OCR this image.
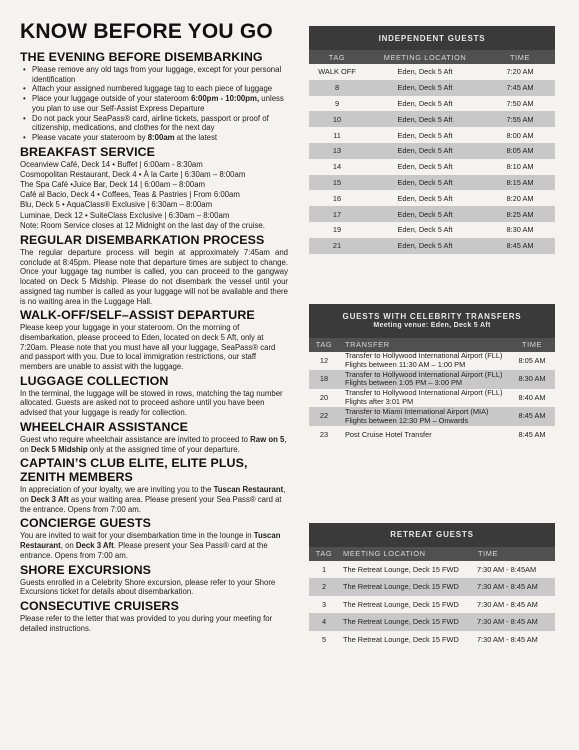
KNOW BEFORE YOU GO
THE EVENING BEFORE DISEMBARKING
• Please remove any old tags from your luggage, except for your personal identification
• Attach your assigned numbered luggage tag to each piece of luggage
• Place your luggage outside of your stateroom 6:00pm - 10:00pm, unless you plan to use our Self-Assist Express Departure
• Do not pack your SeaPass® card, airline tickets, passport or proof of citizenship, medications, and clothes for the next day
• Please vacate your stateroom by 8:00am at the latest
BREAKFAST SERVICE
Oceanview Café, Deck 14 • Buffet | 6:00am - 8:30am
Cosmopolitan Restaurant, Deck 4 • À la Carte | 6:30am – 8:00am
The Spa Café •Juice Bar, Deck 14 | 6:00am – 8:00am
Café al Bacio, Deck 4 • Coffees, Teas & Pastries | From 6:00am
Blu, Deck 5 • AquaClass® Exclusive | 6:30am – 8:00am
Luminae, Deck 12 • SuiteClass Exclusive | 6:30am – 8:00am
Note: Room Service closes at 12 Midnight on the last day of the cruise.
REGULAR DISEMBARKATION PROCESS

The regular departure process will begin at approximately 7:45am and conclude at 8:45pm. Please note that departure times are subject to change. Once your luggage tag number is called, you can proceed to the gangway located on Deck 5 Midship. Please do not disembark the vessel until your assigned tag number is called as your luggage will not be available and there is no waiting area in the Luggage Hall.

WALK-OFF/SELF–ASSIST DEPARTURE

Please keep your luggage in your stateroom. On the morning of disembarkation, please proceed to Eden, located on deck 5 Aft, only at 7:20am. Please note that you must have all your luggage, SeaPass® card and passport with you. Due to local immigration restrictions, our staff members are unable to assist with the luggage.

LUGGAGE COLLECTION

In the terminal, the luggage will be stowed in rows, matching the tag number allocated. Guests are asked not to proceed ashore until you have been advised that your luggage is ready for collection.

WHEELCHAIR ASSISTANCE

Guest who require wheelchair assistance are invited to proceed to Raw on 5, on Deck 5 Midship only at the assigned time of your departure.

CAPTAIN’S CLUB ELITE, ELITE PLUS,
ZENITH MEMBERS

In appreciation of your loyalty, we are inviting you to the Tuscan Restaurant, on Deck 3 Aft as your waiting area. Please present your Sea Pass® card at the entrance. Opens from 7:00 am.

CONCIERGE GUESTS

You are invited to wait for your disembarkation time in the lounge in Tuscan Restaurant, on Deck 3 Aft. Please present your Sea Pass® card at the entrance. Opens from 7:00 am.

SHORE EXCURSIONS

Guests enrolled in a Celebrity Shore excursion, please refer to your Shore Excursions ticket for details about disembarkation.

CONSECUTIVE CRUISERS

Please refer to the letter that was provided to you during your meeting for detailed instructions.

INDEPENDENT GUESTS		
TAG	MEETING LOCATION	TIME
WALK OFF	Eden, Deck 5 Aft	7:20 AM
8	Eden, Deck 5 Aft	7:45 AM
9	Eden, Deck 5 Aft	7:50 AM
10	Eden, Deck 5 Aft	7:55 AM
11	Eden, Deck 5 Aft	8:00 AM
13	Eden, Deck 5 Aft	8:05 AM
14	Eden, Deck 5 Aft	8:10 AM
15	Eden, Deck 5 Aft	8:15 AM
16	Eden, Deck 5 Aft	8:20 AM
17	Eden, Deck 5 Aft	8:25 AM
19	Eden, Deck 5 Aft	8:30 AM
21	Eden, Deck 5 Aft	8:45 AM
GUESTS WITH CELEBRITY TRANSFERS
Meeting venue: Eden, Deck 5 Aft		

TAG	TRANSFER	TIME
12	Transfer to Hollywood International Airport (FLL) Flights between 11:30 AM – 1:00 PM	8:05 AM
18	Transfer to Hollywood International Airport (FLL) Flights between 1:05 PM – 3:00 PM	8:30 AM
20	Transfer to Hollywood International Airport (FLL) Flights after 3:01 PM	8:40 AM
22	Transfer to Miami International Airport (MIA) Flights between 12:30 PM – Onwards	8:45 AM
23	Post Cruise Hotel Transfer	8:45 AM
RETREAT GUESTS		
TAG	MEETING LOCATION	TIME
1	The Retreat Lounge, Deck 15 FWD	7:30 AM - 8:45AM
2	The Retreat Lounge, Deck 15 FWD	7:30 AM - 8:45 AM
3	The Retreat Lounge, Deck 15 FWD	7:30 AM - 8:45 AM
4	The Retreat Lounge, Deck 15 FWD	7:30 AM - 8:45 AM
5	The Retreat Lounge, Deck 15 FWD	7:30 AM - 8:45 AM
